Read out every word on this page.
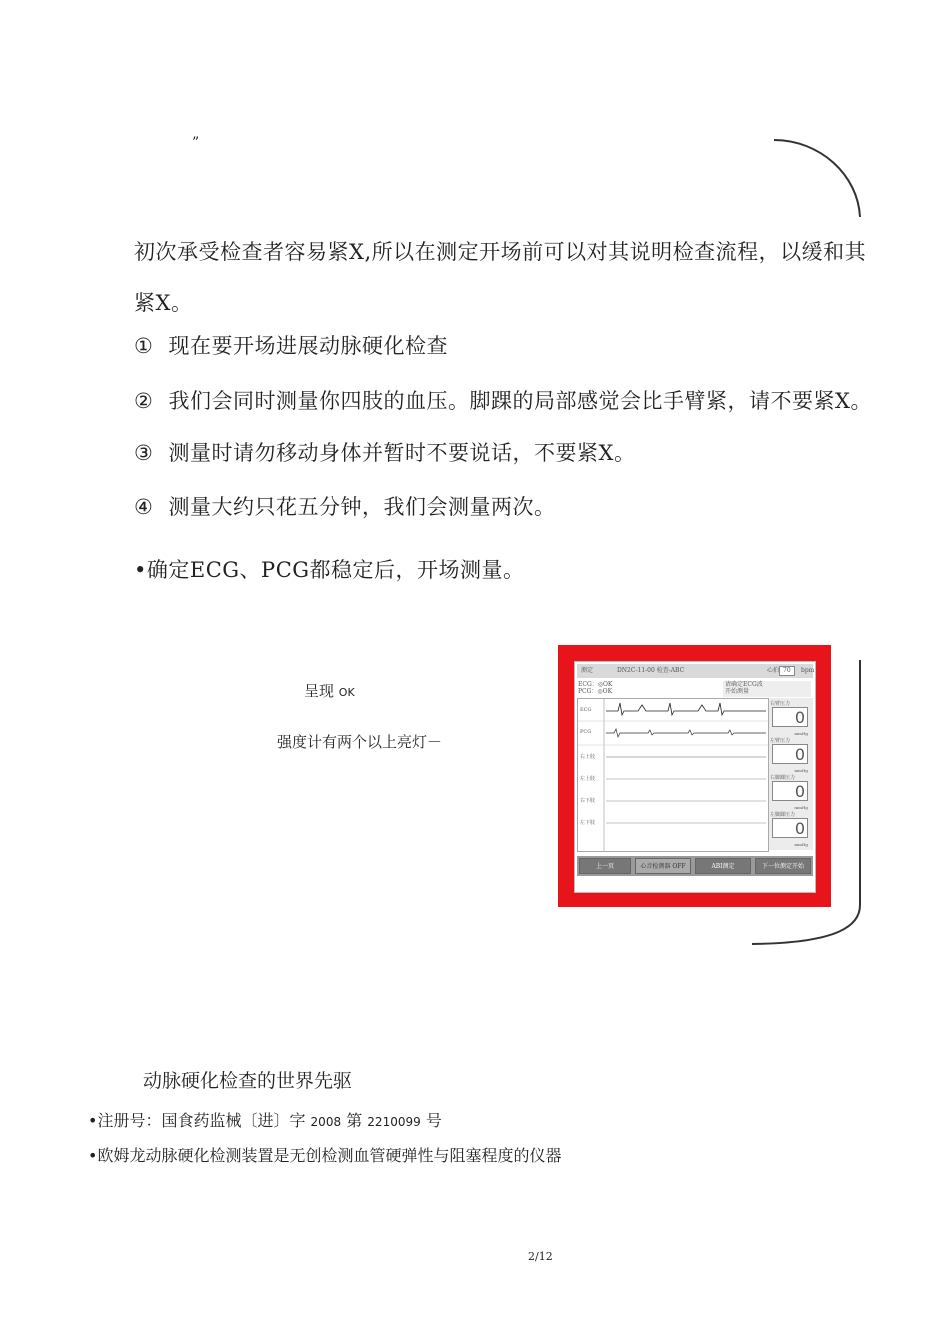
”
初次承受检查者容易紧X,所以在测定开场前可以对其说明检查流程，以缓和其
紧X。
① 现在要开场进展动脉硬化检查
② 我们会同时测量你四肢的血压。脚踝的局部感觉会比手臂紧，请不要紧X。
③ 测量时请勿移动身体并暂时不要说话，不要紧X。
④ 测量大约只花五分钟，我们会测量两次。
•确定ECG、PCG都稳定后，开场测量。
呈现 OK
强度计有两个以上亮灯－
测定	DN2C-11-00 检查-ABC	心拍 70	bpm
ECG：◎OK
PCG：◎OK
请确定ECG波
开始测量
ECG
PCG
右上肢
左上肢
右下肢
左下肢
右臂压力
0
mmHg
左臂压力
0
mmHg
右脚踝压力
0
mmHg
左脚踝压力
0
mmHg
上一页	心音检测器 OFF	ABI测定	下一位测定开始
动脉硬化检查的世界先驱
•注册号：国食药监械〔进〕字 2008 第 2210099 号
•欧姆龙动脉硬化检测装置是无创检测血管硬弹性与阻塞程度的仪器
2/12
